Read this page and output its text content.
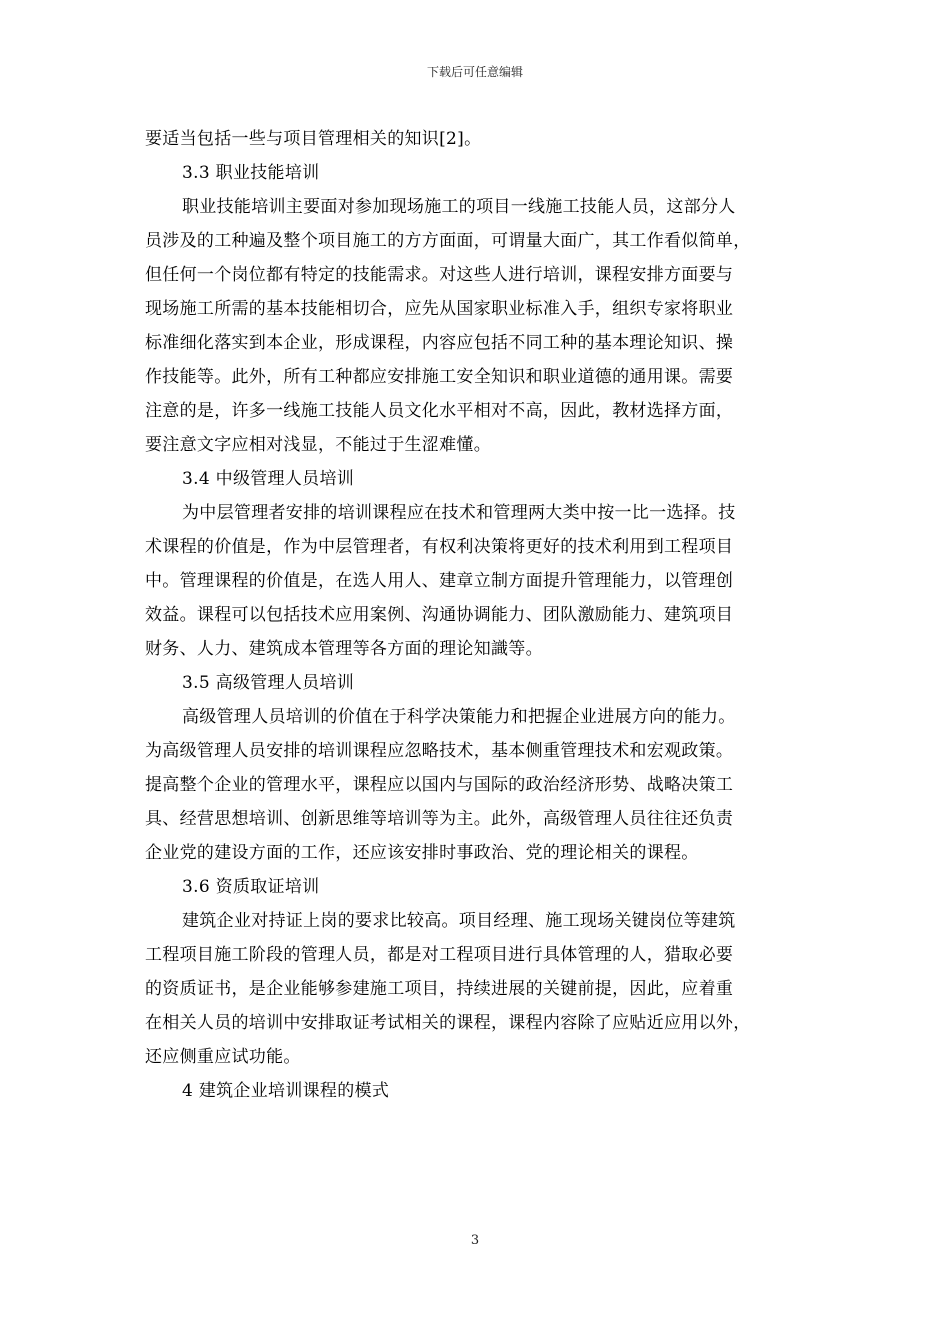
下载后可任意编辑
要适当包括一些与项目管理相关的知识[2]。
3.3 职业技能培训
职业技能培训主要面对参加现场施工的项目一线施工技能人员，这部分人
员涉及的工种遍及整个项目施工的方方面面，可谓量大面广，其工作看似简单，
但任何一个岗位都有特定的技能需求。对这些人进行培训，课程安排方面要与
现场施工所需的基本技能相切合，应先从国家职业标准入手，组织专家将职业
标准细化落实到本企业，形成课程，内容应包括不同工种的基本理论知识、操
作技能等。此外，所有工种都应安排施工安全知识和职业道德的通用课。需要
注意的是，许多一线施工技能人员文化水平相对不高，因此，教材选择方面，
要注意文字应相对浅显，不能过于生涩难懂。
3.4 中级管理人员培训
为中层管理者安排的培训课程应在技术和管理两大类中按一比一选择。技
术课程的价值是，作为中层管理者，有权利决策将更好的技术利用到工程项目
中。管理课程的价值是，在选人用人、建章立制方面提升管理能力，以管理创
效益。课程可以包括技术应用案例、沟通协调能力、团队激励能力、建筑项目
财务、人力、建筑成本管理等各方面的理论知識等。
3.5 高级管理人员培训
高级管理人员培训的价值在于科学决策能力和把握企业进展方向的能力。
为高级管理人员安排的培训课程应忽略技术，基本侧重管理技术和宏观政策。
提高整个企业的管理水平，课程应以国内与国际的政治经济形势、战略决策工
具、经营思想培训、创新思维等培训等为主。此外，高级管理人员往往还负责
企业党的建设方面的工作，还应该安排时事政治、党的理论相关的课程。
3.6 资质取证培训
建筑企业对持证上岗的要求比较高。项目经理、施工现场关键岗位等建筑
工程项目施工阶段的管理人员，都是对工程项目进行具体管理的人，猎取必要
的资质证书，是企业能够参建施工项目，持续进展的关键前提，因此，应着重
在相关人员的培训中安排取证考试相关的课程，课程内容除了应贴近应用以外，
还应侧重应试功能。
4 建筑企业培训课程的模式
3
